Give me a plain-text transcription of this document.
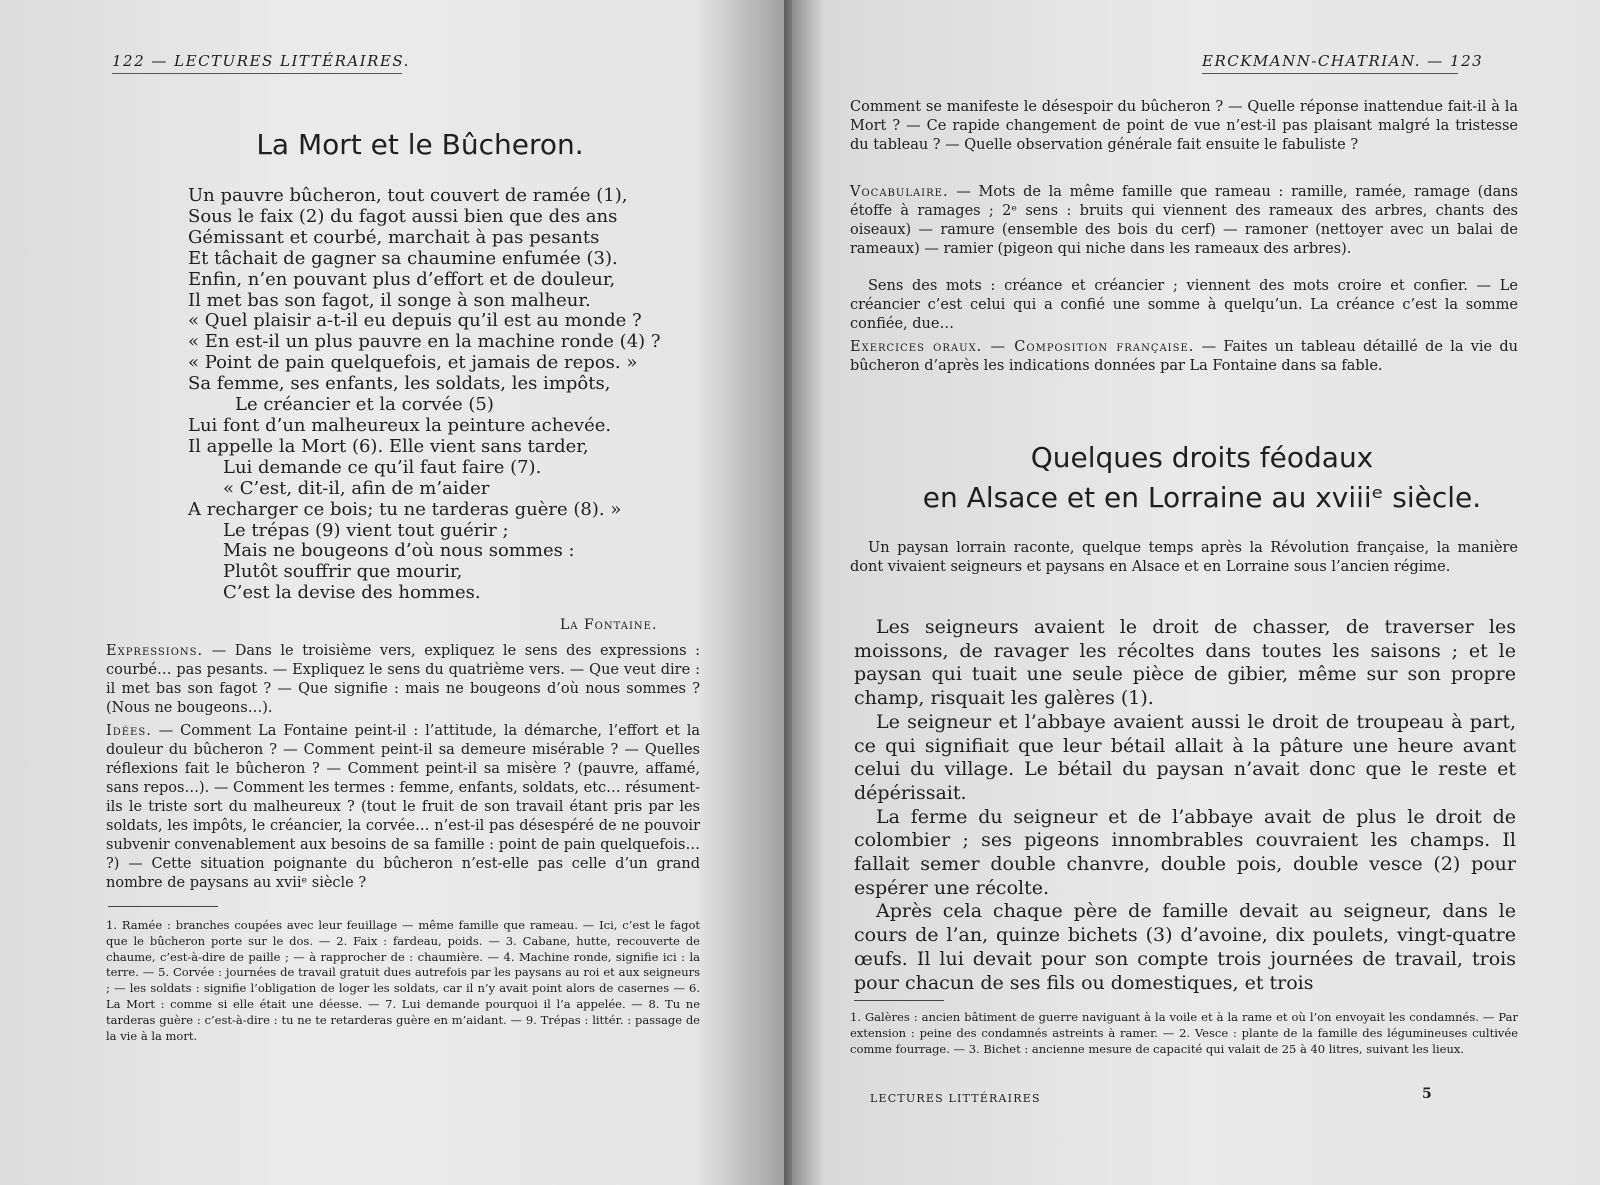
122 — LECTURES LITTÉRAIRES.
La Mort et le Bûcheron.
Un pauvre bûcheron, tout couvert de ramée (1),
Sous le faix (2) du fagot aussi bien que des ans
Gémissant et courbé, marchait à pas pesants
Et tâchait de gagner sa chaumine enfumée (3).
Enfin, n’en pouvant plus d’effort et de douleur,
Il met bas son fagot, il songe à son malheur.
« Quel plaisir a-t-il eu depuis qu’il est au monde ?
« En est-il un plus pauvre en la machine ronde (4) ?
« Point de pain quelquefois, et jamais de repos. »
Sa femme, ses enfants, les soldats, les impôts,
Le créancier et la corvée (5)
Lui font d’un malheureux la peinture achevée.
Il appelle la Mort (6). Elle vient sans tarder,
Lui demande ce qu’il faut faire (7).
« C’est, dit-il, afin de m’aider
A recharger ce bois; tu ne tarderas guère (8). »
Le trépas (9) vient tout guérir ;
Mais ne bougeons d’où nous sommes :
Plutôt souffrir que mourir,
C’est la devise des hommes.
La Fontaine.
Expressions. — Dans le troisième vers, expliquez le sens des expressions : courbé… pas pesants. — Expliquez le sens du quatrième vers. — Que veut dire : il met bas son fagot ? — Que signifie : mais ne bougeons d’où nous sommes ? (Nous ne bougeons…).
Idées. — Comment La Fontaine peint-il : l’attitude, la démarche, l’effort et la douleur du bûcheron ? — Comment peint-il sa demeure misérable ? — Quelles réflexions fait le bûcheron ? — Comment peint-il sa misère ? (pauvre, affamé, sans repos…). — Comment les termes : femme, enfants, soldats, etc… résument-ils le triste sort du malheureux ? (tout le fruit de son travail étant pris par les soldats, les impôts, le créancier, la corvée… n’est-il pas désespéré de ne pouvoir subvenir convenablement aux besoins de sa famille : point de pain quelquefois… ?) — Cette situation poignante du bûcheron n’est-elle pas celle d’un grand nombre de paysans au xviiᵉ siècle ?
1. Ramée : branches coupées avec leur feuillage — même famille que rameau. — Ici, c’est le fagot que le bûcheron porte sur le dos. — 2. Faix : fardeau, poids. — 3. Cabane, hutte, recouverte de chaume, c’est-à-dire de paille ; — à rapprocher de : chaumière. — 4. Machine ronde, signifie ici : la terre. — 5. Corvée : journées de travail gratuit dues autrefois par les paysans au roi et aux seigneurs ; — les soldats : signifie l’obligation de loger les soldats, car il n’y avait point alors de casernes — 6. La Mort : comme si elle était une déesse. — 7. Lui demande pourquoi il l’a appelée. — 8. Tu ne tarderas guère : c’est-à-dire : tu ne te retarderas guère en m’aidant. — 9. Trépas : littér. : passage de la vie à la mort.
ERCKMANN-CHATRIAN. — 123
Comment se manifeste le désespoir du bûcheron ? — Quelle réponse inattendue fait-il à la Mort ? — Ce rapide changement de point de vue n’est-il pas plaisant malgré la tristesse du tableau ? — Quelle observation générale fait ensuite le fabuliste ?
Vocabulaire. — Mots de la même famille que rameau : ramille, ramée, ramage (dans étoffe à ramages ; 2ᵉ sens : bruits qui viennent des rameaux des arbres, chants des oiseaux) — ramure (ensemble des bois du cerf) — ramoner (nettoyer avec un balai de rameaux) — ramier (pigeon qui niche dans les rameaux des arbres).
Sens des mots : créance et créancier ; viennent des mots croire et confier. — Le créancier c’est celui qui a confié une somme à quelqu’un. La créance c’est la somme confiée, due…
Exercices oraux. — Composition française. — Faites un tableau détaillé de la vie du bûcheron d’après les indications données par La Fontaine dans sa fable.
Quelques droits féodaux
en Alsace et en Lorraine au xviiiᵉ siècle.
Un paysan lorrain raconte, quelque temps après la Révolution française, la manière dont vivaient seigneurs et paysans en Alsace et en Lorraine sous l’ancien régime.

Les seigneurs avaient le droit de chasser, de traverser les moissons, de ravager les récoltes dans toutes les saisons ; et le paysan qui tuait une seule pièce de gibier, même sur son propre champ, risquait les galères (1).

Le seigneur et l’abbaye avaient aussi le droit de troupeau à part, ce qui signifiait que leur bétail allait à la pâture une heure avant celui du village. Le bétail du paysan n’avait donc que le reste et dépérissait.

La ferme du seigneur et de l’abbaye avait de plus le droit de colombier ; ses pigeons innombrables couvraient les champs. Il fallait semer double chanvre, double pois, double vesce (2) pour espérer une récolte.

Après cela chaque père de famille devait au seigneur, dans le cours de l’an, quinze bichets (3) d’avoine, dix poulets, vingt-quatre œufs. Il lui devait pour son compte trois journées de travail, trois pour chacun de ses fils ou domestiques, et trois

1. Galères : ancien bâtiment de guerre naviguant à la voile et à la rame et où l’on envoyait les condamnés. — Par extension : peine des condamnés astreints à ramer. — 2. Vesce : plante de la famille des légumineuses cultivée comme fourrage. — 3. Bichet : ancienne mesure de capacité qui valait de 25 à 40 litres, suivant les lieux.
LECTURES LITTÉRAIRES	5
